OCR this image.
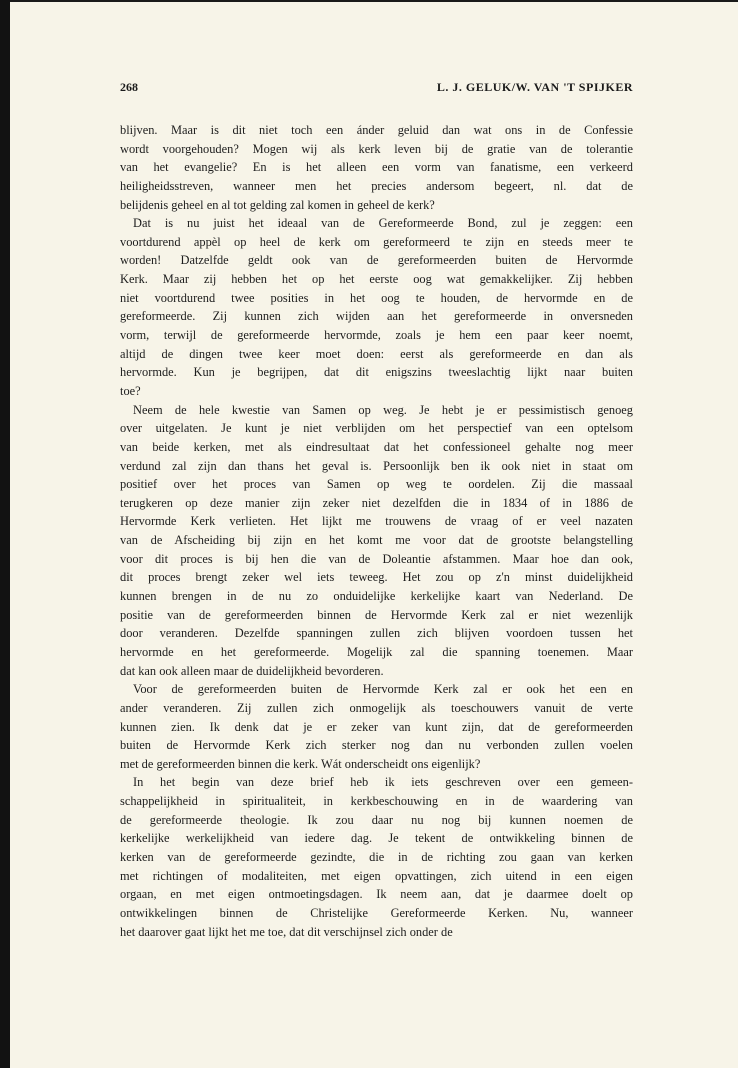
268	L. J. GELUK/W. VAN 'T SPIJKER
blijven. Maar is dit niet toch een ánder geluid dan wat ons in de Confessie
wordt voorgehouden? Mogen wij als kerk leven bij de gratie van de tolerantie
van het evangelie? En is het alleen een vorm van fanatisme, een verkeerd
heiligheidsstreven, wanneer men het precies andersom begeert, nl. dat de
belijdenis geheel en al tot gelding zal komen in geheel de kerk?
Dat is nu juist het ideaal van de Gereformeerde Bond, zul je zeggen: een
voortdurend appèl op heel de kerk om gereformeerd te zijn en steeds meer te
worden! Datzelfde geldt ook van de gereformeerden buiten de Hervormde
Kerk. Maar zij hebben het op het eerste oog wat gemakkelijker. Zij hebben
niet voortdurend twee posities in het oog te houden, de hervormde en de
gereformeerde. Zij kunnen zich wijden aan het gereformeerde in onversneden
vorm, terwijl de gereformeerde hervormde, zoals je hem een paar keer noemt,
altijd de dingen twee keer moet doen: eerst als gereformeerde en dan als
hervormde. Kun je begrijpen, dat dit enigszins tweeslachtig lijkt naar buiten
toe?
Neem de hele kwestie van Samen op weg. Je hebt je er pessimistisch genoeg
over uitgelaten. Je kunt je niet verblijden om het perspectief van een optelsom
van beide kerken, met als eindresultaat dat het confessioneel gehalte nog meer
verdund zal zijn dan thans het geval is. Persoonlijk ben ik ook niet in staat om
positief over het proces van Samen op weg te oordelen. Zij die massaal
terugkeren op deze manier zijn zeker niet dezelfden die in 1834 of in 1886 de
Hervormde Kerk verlieten. Het lijkt me trouwens de vraag of er veel nazaten
van de Afscheiding bij zijn en het komt me voor dat de grootste belangstelling
voor dit proces is bij hen die van de Doleantie afstammen. Maar hoe dan ook,
dit proces brengt zeker wel iets teweeg. Het zou op z'n minst duidelijkheid
kunnen brengen in de nu zo onduidelijke kerkelijke kaart van Nederland. De
positie van de gereformeerden binnen de Hervormde Kerk zal er niet wezenlijk
door veranderen. Dezelfde spanningen zullen zich blijven voordoen tussen het
hervormde en het gereformeerde. Mogelijk zal die spanning toenemen. Maar
dat kan ook alleen maar de duidelijkheid bevorderen.
Voor de gereformeerden buiten de Hervormde Kerk zal er ook het een en
ander veranderen. Zij zullen zich onmogelijk als toeschouwers vanuit de verte
kunnen zien. Ik denk dat je er zeker van kunt zijn, dat de gereformeerden
buiten de Hervormde Kerk zich sterker nog dan nu verbonden zullen voelen
met de gereformeerden binnen die kerk. Wát onderscheidt ons eigenlijk?
In het begin van deze brief heb ik iets geschreven over een gemeen-
schappelijkheid in spiritualiteit, in kerkbeschouwing en in de waardering van
de gereformeerde theologie. Ik zou daar nu nog bij kunnen noemen de
kerkelijke werkelijkheid van iedere dag. Je tekent de ontwikkeling binnen de
kerken van de gereformeerde gezindte, die in de richting zou gaan van kerken
met richtingen of modaliteiten, met eigen opvattingen, zich uitend in een eigen
orgaan, en met eigen ontmoetingsdagen. Ik neem aan, dat je daarmee doelt op
ontwikkelingen binnen de Christelijke Gereformeerde Kerken. Nu, wanneer
het daarover gaat lijkt het me toe, dat dit verschijnsel zich onder de
